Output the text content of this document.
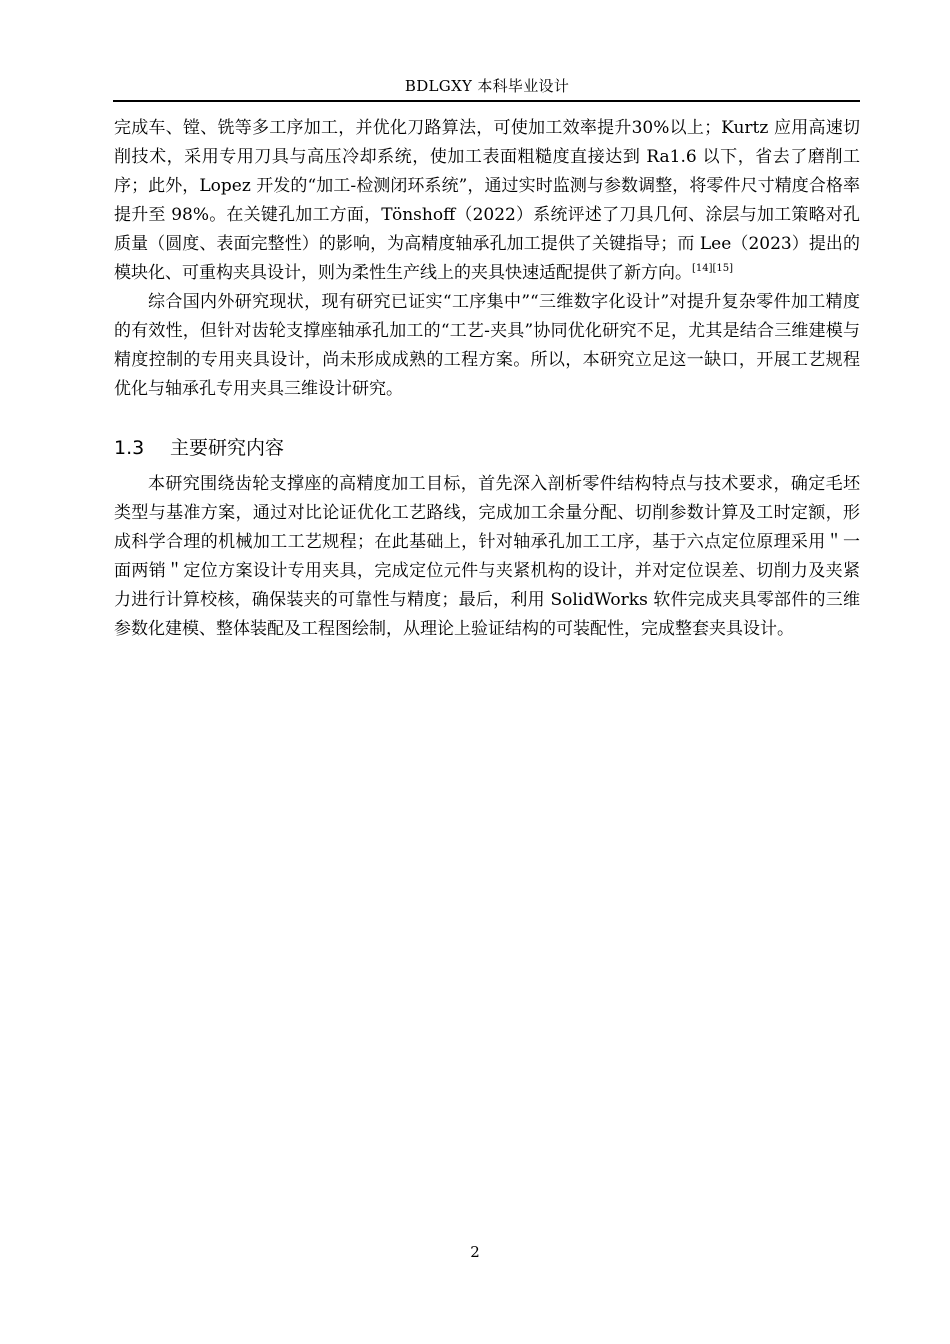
BDLGXY 本科毕业设计

完成车、镗、铣等多工序加工，并优化刀路算法，可使加工效率提升30%以上；Kurtz 应用高速切削技术，采用专用刀具与高压冷却系统，使加工表面粗糙度直接达到 Ra1.6 以下，省去了磨削工序；此外，Lopez 开发的“加工-检测闭环系统”，通过实时监测与参数调整，将零件尺寸精度合格率提升至 98%。在关键孔加工方面，Tönshoff（2022）系统评述了刀具几何、涂层与加工策略对孔质量（圆度、表面完整性）的影响，为高精度轴承孔加工提供了关键指导；而 Lee（2023）提出的模块化、可重构夹具设计，则为柔性生产线上的夹具快速适配提供了新方向。[14][15]

综合国内外研究现状，现有研究已证实“工序集中”“三维数字化设计”对提升复杂零件加工精度的有效性，但针对齿轮支撑座轴承孔加工的“工艺-夹具”协同优化研究不足，尤其是结合三维建模与精度控制的专用夹具设计，尚未形成成熟的工程方案。所以，本研究立足这一缺口，开展工艺规程优化与轴承孔专用夹具三维设计研究。

1.3 主要研究内容

本研究围绕齿轮支撑座的高精度加工目标，首先深入剖析零件结构特点与技术要求，确定毛坯类型与基准方案，通过对比论证优化工艺路线，完成加工余量分配、切削参数计算及工时定额，形成科学合理的机械加工工艺规程；在此基础上，针对轴承孔加工工序，基于六点定位原理采用＂一面两销＂定位方案设计专用夹具，完成定位元件与夹紧机构的设计，并对定位误差、切削力及夹紧力进行计算校核，确保装夹的可靠性与精度；最后，利用 SolidWorks 软件完成夹具零部件的三维参数化建模、整体装配及工程图绘制，从理论上验证结构的可装配性，完成整套夹具设计。

2
